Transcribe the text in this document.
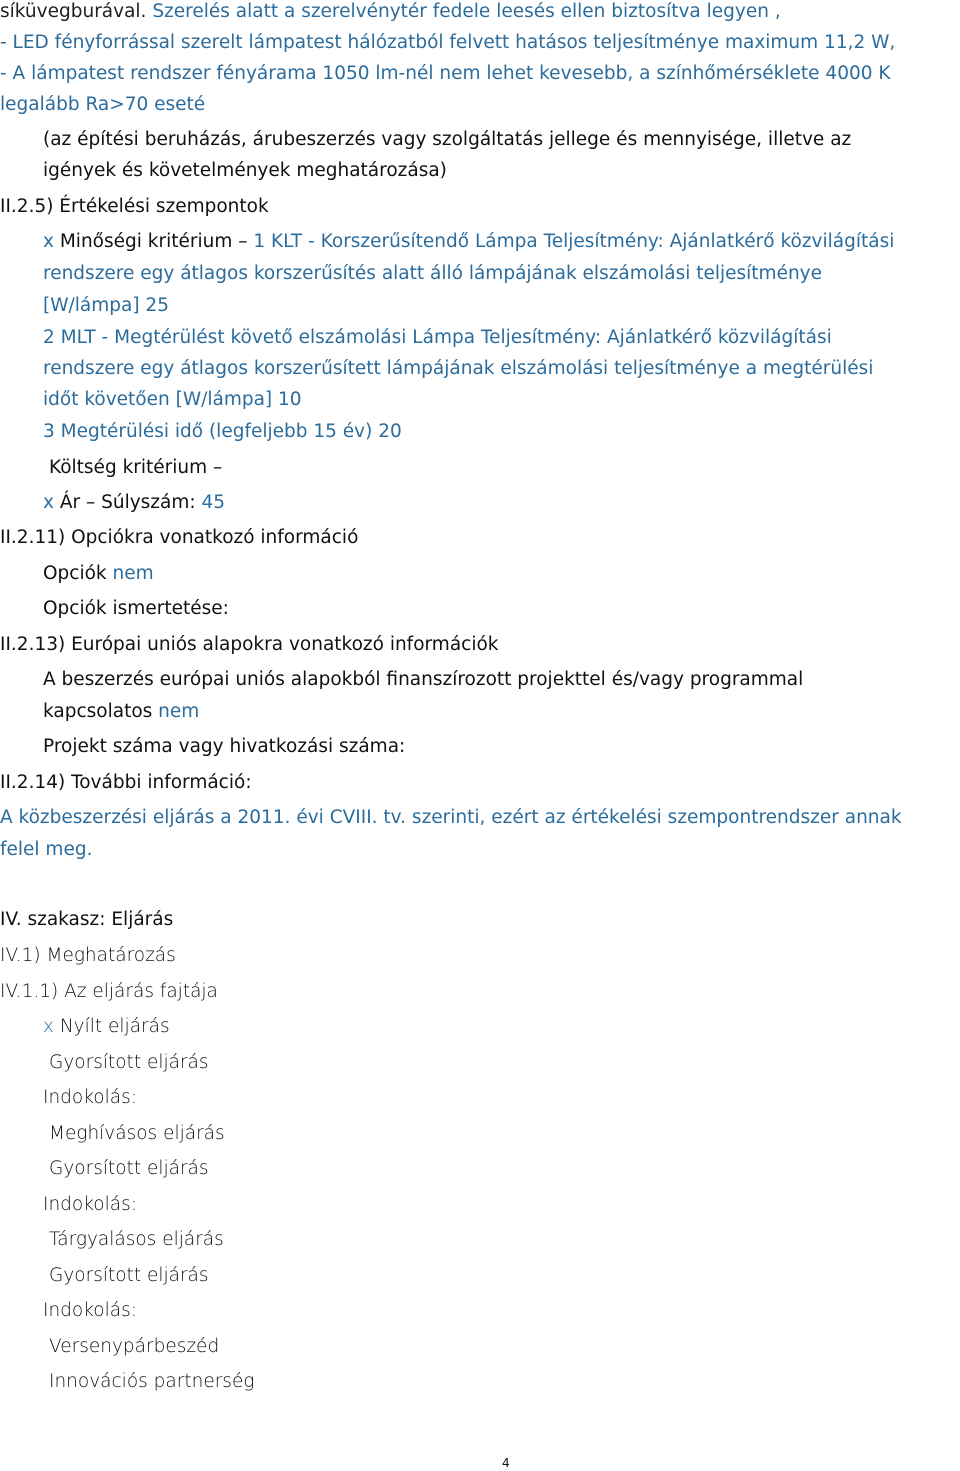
síküvegburával. Szerelés alatt a szerelvénytér fedele leesés ellen biztosítva legyen ,
- LED fényforrással szerelt lámpatest hálózatból felvett hatásos teljesítménye maximum 11,2 W,
- A lámpatest rendszer fényárama 1050 lm-nél nem lehet kevesebb, a színhőmérséklete 4000 K
legalább Ra>70 eseté
(az építési beruházás, árubeszerzés vagy szolgáltatás jellege és mennyisége, illetve az
igények és követelmények meghatározása)
II.2.5) Értékelési szempontok
x Minőségi kritérium – 1 KLT - Korszerűsítendő Lámpa Teljesítmény: Ajánlatkérő közvilágítási
rendszere egy átlagos korszerűsítés alatt álló lámpájának elszámolási teljesítménye
[W/lámpa] 25
2 MLT - Megtérülést követő elszámolási Lámpa Teljesítmény: Ajánlatkérő közvilágítási
rendszere egy átlagos korszerűsített lámpájának elszámolási teljesítménye a megtérülési
időt követően [W/lámpa] 10
3 Megtérülési idő (legfeljebb 15 év) 20
Költség kritérium –
x Ár – Súlyszám: 45
II.2.11) Opciókra vonatkozó információ
Opciók nem
Opciók ismertetése:
II.2.13) Európai uniós alapokra vonatkozó információk
A beszerzés európai uniós alapokból finanszírozott projekttel és/vagy programmal
kapcsolatos nem
Projekt száma vagy hivatkozási száma:
II.2.14) További információ:
A közbeszerzési eljárás a 2011. évi CVIII. tv. szerinti, ezért az értékelési szempontrendszer annak
felel meg.
IV. szakasz: Eljárás
IV.1) Meghatározás
IV.1.1) Az eljárás fajtája
x Nyílt eljárás
Gyorsított eljárás
Indokolás:
Meghívásos eljárás
Gyorsított eljárás
Indokolás:
Tárgyalásos eljárás
Gyorsított eljárás
Indokolás:
Versenypárbeszéd
Innovációs partnerség
4
